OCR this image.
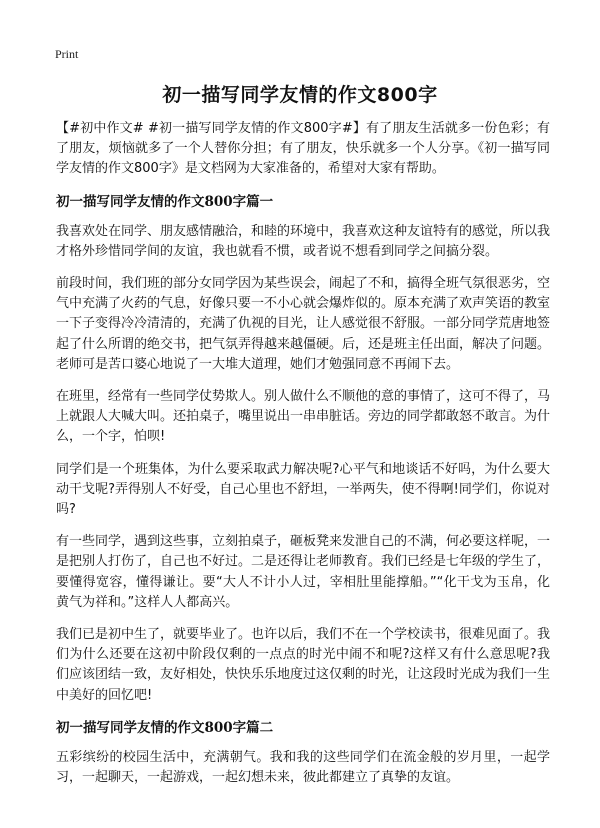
Print
初一描写同学友情的作文800字

【#初中作文# #初一描写同学友情的作文800字#】有了朋友生活就多一份色彩；有了朋友，烦恼就多了一个人替你分担；有了朋友，快乐就多一个人分享。《初一描写同学友情的作文800字》是文档网为大家准备的，希望对大家有帮助。

初一描写同学友情的作文800字篇一

我喜欢处在同学、朋友感情融洽，和睦的环境中，我喜欢这种友谊特有的感觉，所以我才格外珍惜同学间的友谊，我也就看不惯，或者说不想看到同学之间搞分裂。

前段时间，我们班的部分女同学因为某些误会，闹起了不和，搞得全班气氛很恶劣，空气中充满了火药的气息，好像只要一不小心就会爆炸似的。原本充满了欢声笑语的教室一下子变得冷冷清清的，充满了仇视的目光，让人感觉很不舒服。一部分同学荒唐地签起了什么所谓的绝交书，把气氛弄得越来越僵硬。后，还是班主任出面，解决了问题。老师可是苦口婆心地说了一大堆大道理，她们才勉强同意不再闹下去。

在班里，经常有一些同学仗势欺人。别人做什么不顺他的意的事情了，这可不得了，马上就跟人大喊大叫。还拍桌子，嘴里说出一串串脏话。旁边的同学都敢怒不敢言。为什么，一个字，怕呗!

同学们是一个班集体，为什么要采取武力解决呢?心平气和地谈话不好吗，为什么要大动干戈呢?弄得别人不好受，自己心里也不舒坦，一举两失，使不得啊!同学们，你说对吗?

有一些同学，遇到这些事，立刻拍桌子，砸板凳来发泄自己的不满，何必要这样呢，一是把别人打伤了，自己也不好过。二是还得让老师教育。我们已经是七年级的学生了，要懂得宽容，懂得谦让。要“大人不计小人过，宰相肚里能撑船。”“化干戈为玉帛，化黄气为祥和。”这样人人都高兴。

我们已是初中生了，就要毕业了。也许以后，我们不在一个学校读书，很难见面了。我们为什么还要在这初中阶段仅剩的一点点的时光中闹不和呢?这样又有什么意思呢?我们应该团结一致，友好相处，快快乐乐地度过这仅剩的时光，让这段时光成为我们一生中美好的回忆吧!

初一描写同学友情的作文800字篇二

五彩缤纷的校园生活中，充满朝气。我和我的这些同学们在流金般的岁月里，一起学习，一起聊天，一起游戏，一起幻想未来，彼此都建立了真挚的友谊。
